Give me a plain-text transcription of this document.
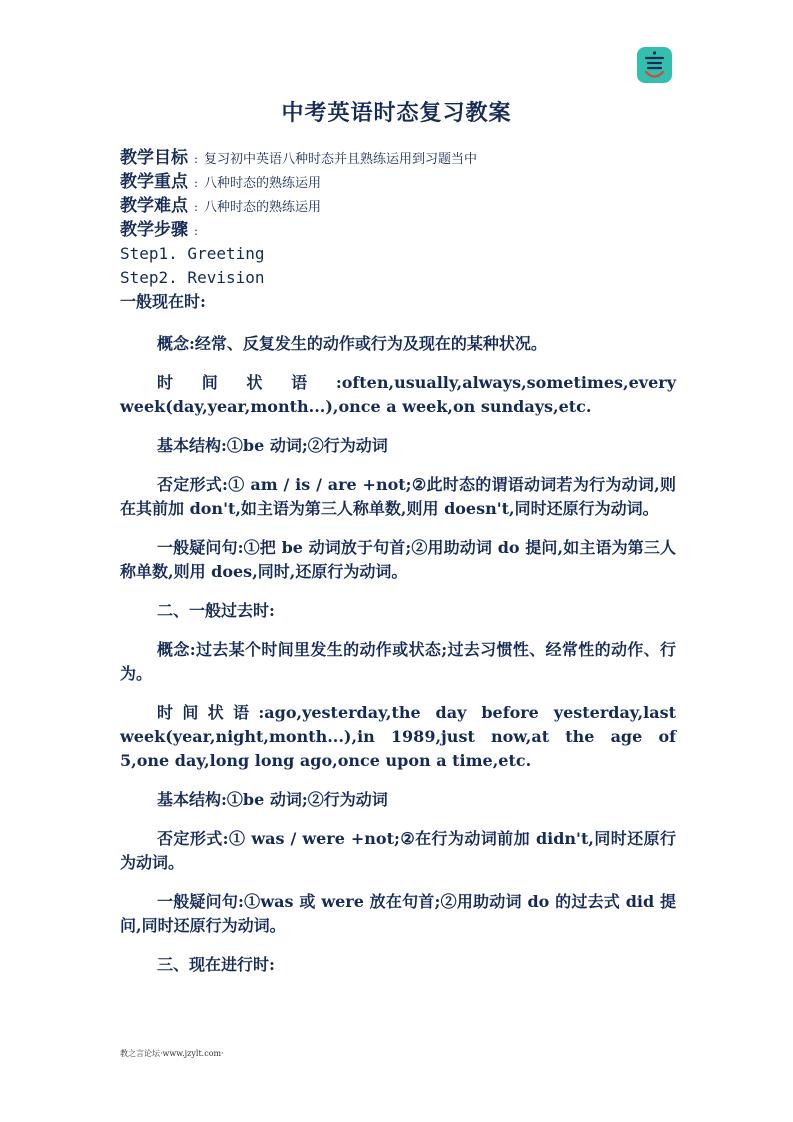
中考英语时态复习教案
教学目标 : 复习初中英语八种时态并且熟练运用到习题当中
教学重点 : 八种时态的熟练运用
教学难点 : 八种时态的熟练运用
教学步骤 :
Step1. Greeting
Step2. Revision
一般现在时:

概念:经常、反复发生的动作或行为及现在的某种状况。

时间状语:often,usually,always,sometimes,every week(day,year,month...),once a week,on sundays,etc.

基本结构:①be 动词;②行为动词

否定形式:① am / is / are +not;②此时态的谓语动词若为行为动词,则在其前加 don't,如主语为第三人称单数,则用 doesn't,同时还原行为动词。

一般疑问句:①把 be 动词放于句首;②用助动词 do 提问,如主语为第三人称单数,则用 does,同时,还原行为动词。

二、一般过去时:

概念:过去某个时间里发生的动作或状态;过去习惯性、经常性的动作、行为。

时间状语:ago,yesterday,the day before yesterday,last week(year,night,month...),in 1989,just now,at the age of 5,one day,long long ago,once upon a time,etc.

基本结构:①be 动词;②行为动词

否定形式:① was / were +not;②在行为动词前加 didn't,同时还原行为动词。

一般疑问句:①was 或 were 放在句首;②用助动词 do 的过去式 did 提问,同时还原行为动词。

三、现在进行时:

教之言论坛·www.jzylt.com·
